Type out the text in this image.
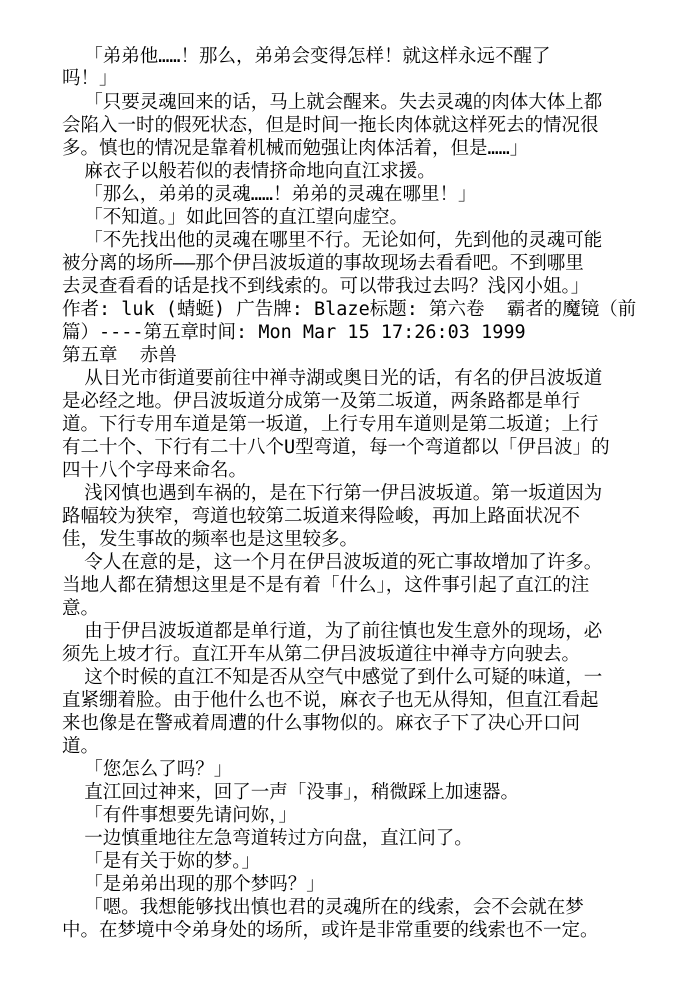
「弟弟他……！那么，弟弟会变得怎样！就这样永远不醒了

吗！」

「只要灵魂回来的话，马上就会醒来。失去灵魂的肉体大体上都

会陷入一时的假死状态，但是时间一拖长肉体就这样死去的情况很

多。慎也的情况是靠着机械而勉强让肉体活着，但是……」

麻衣子以般若似的表情挤命地向直江求援。

「那么，弟弟的灵魂……！弟弟的灵魂在哪里！」

「不知道。」如此回答的直江望向虚空。

「不先找出他的灵魂在哪里不行。无论如何，先到他的灵魂可能

被分离的场所——那个伊吕波坂道的事故现场去看看吧。不到哪里

去灵查看看的话是找不到线索的。可以带我过去吗？浅冈小姐。」

作者: luk (蜻蜓) 广告牌: Blaze标题: 第六卷  霸者的魔镜（前

篇）----第五章时间: Mon Mar 15 17:26:03 1999

第五章  赤兽

从日光市街道要前往中禅寺湖或奥日光的话，有名的伊吕波坂道

是必经之地。伊吕波坂道分成第一及第二坂道，两条路都是单行

道。下行专用车道是第一坂道，上行专用车道则是第二坂道；上行

有二十个、下行有二十八个U型弯道，每一个弯道都以「伊吕波」的

四十八个字母来命名。

浅冈慎也遇到车祸的，是在下行第一伊吕波坂道。第一坂道因为

路幅较为狭窄，弯道也较第二坂道来得险峻，再加上路面状况不

佳，发生事故的频率也是这里较多。

令人在意的是，这一个月在伊吕波坂道的死亡事故增加了许多。

当地人都在猜想这里是不是有着「什么」，这件事引起了直江的注

意。

由于伊吕波坂道都是单行道，为了前往慎也发生意外的现场，必

须先上坡才行。直江开车从第二伊吕波坂道往中禅寺方向驶去。

这个时候的直江不知是否从空气中感觉了到什么可疑的味道，一

直紧绷着脸。由于他什么也不说，麻衣子也无从得知，但直江看起

来也像是在警戒着周遭的什么事物似的。麻衣子下了决心开口问

道。

「您怎么了吗？」

直江回过神来，回了一声「没事」，稍微踩上加速器。

「有件事想要先请问妳，」

一边慎重地往左急弯道转过方向盘，直江问了。

「是有关于妳的梦。」

「是弟弟出现的那个梦吗？」

「嗯。我想能够找出慎也君的灵魂所在的线索，会不会就在梦

中。在梦境中令弟身处的场所，或许是非常重要的线索也不一定。
